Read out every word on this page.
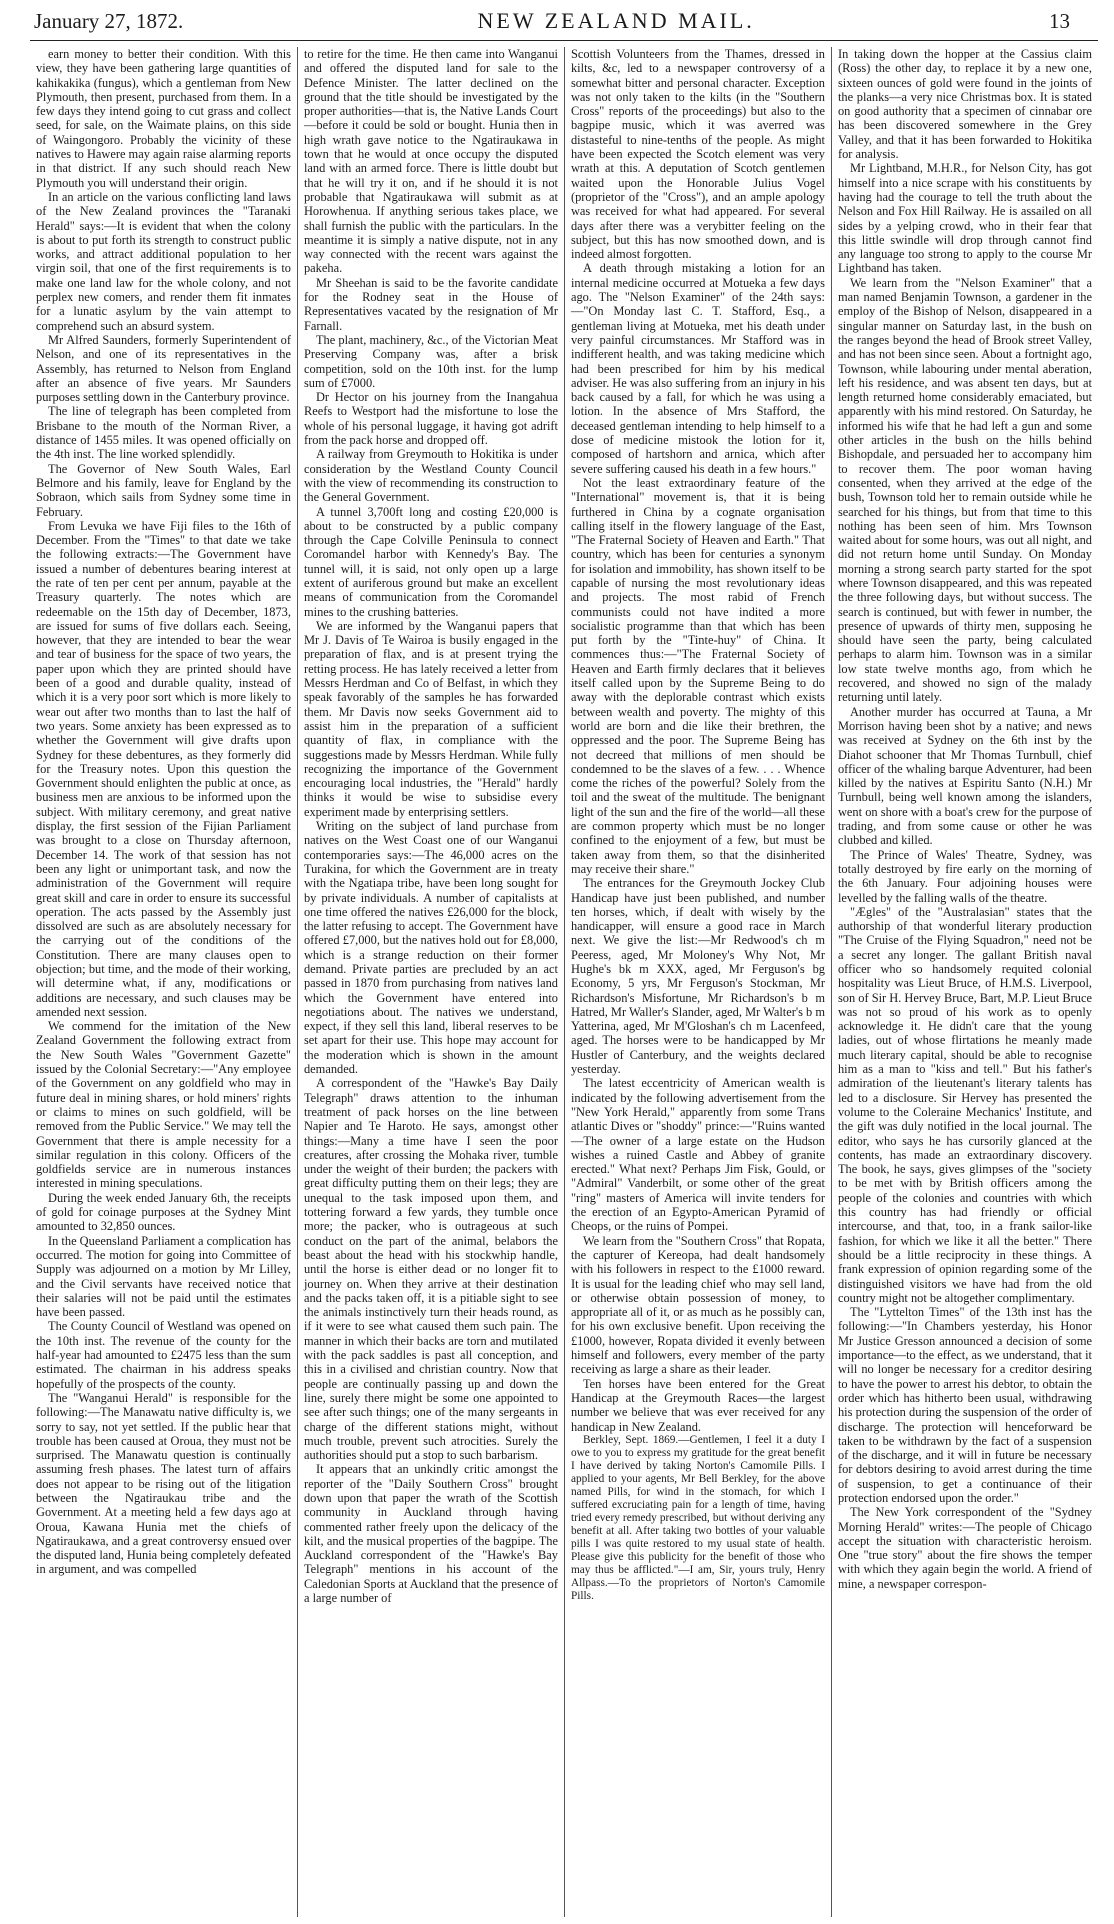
January 27, 1872.	NEW ZEALAND MAIL.	13

earn money to better their condition. With this view, they have been gathering large quantities of kahikakika (fungus), which a gentleman from New Plymouth, then present, purchased from them. In a few days they intend going to cut grass and collect seed, for sale, on the Waimate plains, on this side of Waingongoro. Probably the vicinity of these natives to Hawere may again raise alarming reports in that district. If any such should reach New Plymouth you will understand their origin.

In an article on the various conflicting land laws of the New Zealand provinces the "Taranaki Herald" says:—It is evident that when the colony is about to put forth its strength to construct public works, and attract additional population to her virgin soil, that one of the first requirements is to make one land law for the whole colony, and not perplex new comers, and render them fit inmates for a lunatic asylum by the vain attempt to comprehend such an absurd system.

Mr Alfred Saunders, formerly Superintendent of Nelson, and one of its representatives in the Assembly, has returned to Nelson from England after an absence of five years. Mr Saunders purposes settling down in the Canterbury province.

The line of telegraph has been completed from Brisbane to the mouth of the Norman River, a distance of 1455 miles. It was opened officially on the 4th inst. The line worked splendidly.

The Governor of New South Wales, Earl Belmore and his family, leave for England by the Sobraon, which sails from Sydney some time in February.

From Levuka we have Fiji files to the 16th of December. From the "Times" to that date we take the following extracts:—The Government have issued a number of debentures bearing interest at the rate of ten per cent per annum, payable at the Treasury quarterly. The notes which are redeemable on the 15th day of December, 1873, are issued for sums of five dollars each. Seeing, however, that they are intended to bear the wear and tear of business for the space of two years, the paper upon which they are printed should have been of a good and durable quality, instead of which it is a very poor sort which is more likely to wear out after two months than to last the half of two years. Some anxiety has been expressed as to whether the Government will give drafts upon Sydney for these debentures, as they formerly did for the Treasury notes. Upon this question the Government should enlighten the public at once, as business men are anxious to be informed upon the subject. With military ceremony, and great native display, the first session of the Fijian Parliament was brought to a close on Thursday afternoon, December 14. The work of that session has not been any light or unimportant task, and now the administration of the Government will require great skill and care in order to ensure its successful operation. The acts passed by the Assembly just dissolved are such as are absolutely necessary for the carrying out of the conditions of the Constitution. There are many clauses open to objection; but time, and the mode of their working, will determine what, if any, modifications or additions are necessary, and such clauses may be amended next session.

We commend for the imitation of the New Zealand Government the following extract from the New South Wales "Government Gazette" issued by the Colonial Secretary:—"Any employee of the Government on any goldfield who may in future deal in mining shares, or hold miners' rights or claims to mines on such goldfield, will be removed from the Public Service." We may tell the Government that there is ample necessity for a similar regulation in this colony. Officers of the goldfields service are in numerous instances interested in mining speculations.

During the week ended January 6th, the receipts of gold for coinage purposes at the Sydney Mint amounted to 32,850 ounces.

In the Queensland Parliament a complication has occurred. The motion for going into Committee of Supply was adjourned on a motion by Mr Lilley, and the Civil servants have received notice that their salaries will not be paid until the estimates have been passed.

The County Council of Westland was opened on the 10th inst. The revenue of the county for the half-year had amounted to £2475 less than the sum estimated. The chairman in his address speaks hopefully of the prospects of the county.

The "Wanganui Herald" is responsible for the following:—The Manawatu native difficulty is, we sorry to say, not yet settled. If the public hear that trouble has been caused at Oroua, they must not be surprised. The Manawatu question is continually assuming fresh phases. The latest turn of affairs does not appear to be rising out of the litigation between the Ngatiraukau tribe and the Government. At a meeting held a few days ago at Oroua, Kawana Hunia met the chiefs of Ngatiraukawa, and a great controversy ensued over the disputed land, Hunia being completely defeated in argument, and was compelled

to retire for the time. He then came into Wanganui and offered the disputed land for sale to the Defence Minister. The latter declined on the ground that the title should be investigated by the proper authorities—that is, the Native Lands Court—before it could be sold or bought. Hunia then in high wrath gave notice to the Ngatiraukawa in town that he would at once occupy the disputed land with an armed force. There is little doubt but that he will try it on, and if he should it is not probable that Ngatiraukawa will submit as at Horowhenua. If anything serious takes place, we shall furnish the public with the particulars. In the meantime it is simply a native dispute, not in any way connected with the recent wars against the pakeha.

Mr Sheehan is said to be the favorite candidate for the Rodney seat in the House of Representatives vacated by the resignation of Mr Farnall.

The plant, machinery, &c., of the Victorian Meat Preserving Company was, after a brisk competition, sold on the 10th inst. for the lump sum of £7000.

Dr Hector on his journey from the Inangahua Reefs to Westport had the misfortune to lose the whole of his personal luggage, it having got adrift from the pack horse and dropped off.

A railway from Greymouth to Hokitika is under consideration by the Westland County Council with the view of recommending its construction to the General Government.

A tunnel 3,700ft long and costing £20,000 is about to be constructed by a public company through the Cape Colville Peninsula to connect Coromandel harbor with Kennedy's Bay. The tunnel will, it is said, not only open up a large extent of auriferous ground but make an excellent means of communication from the Coromandel mines to the crushing batteries.

We are informed by the Wanganui papers that Mr J. Davis of Te Wairoa is busily engaged in the preparation of flax, and is at present trying the retting process. He has lately received a letter from Messrs Herdman and Co of Belfast, in which they speak favorably of the samples he has forwarded them. Mr Davis now seeks Government aid to assist him in the preparation of a sufficient quantity of flax, in compliance with the suggestions made by Messrs Herdman. While fully recognizing the importance of the Government encouraging local industries, the "Herald" hardly thinks it would be wise to subsidise every experiment made by enterprising settlers.

Writing on the subject of land purchase from natives on the West Coast one of our Wanganui contemporaries says:—The 46,000 acres on the Turakina, for which the Government are in treaty with the Ngatiapa tribe, have been long sought for by private individuals. A number of capitalists at one time offered the natives £26,000 for the block, the latter refusing to accept. The Government have offered £7,000, but the natives hold out for £8,000, which is a strange reduction on their former demand. Private parties are precluded by an act passed in 1870 from purchasing from natives land which the Government have entered into negotiations about. The natives we understand, expect, if they sell this land, liberal reserves to be set apart for their use. This hope may account for the moderation which is shown in the amount demanded.

A correspondent of the "Hawke's Bay Daily Telegraph" draws attention to the inhuman treatment of pack horses on the line between Napier and Te Haroto. He says, amongst other things:—Many a time have I seen the poor creatures, after crossing the Mohaka river, tumble under the weight of their burden; the packers with great difficulty putting them on their legs; they are unequal to the task imposed upon them, and tottering forward a few yards, they tumble once more; the packer, who is outrageous at such conduct on the part of the animal, belabors the beast about the head with his stockwhip handle, until the horse is either dead or no longer fit to journey on. When they arrive at their destination and the packs taken off, it is a pitiable sight to see the animals instinctively turn their heads round, as if it were to see what caused them such pain. The manner in which their backs are torn and mutilated with the pack saddles is past all conception, and this in a civilised and christian country. Now that people are continually passing up and down the line, surely there might be some one appointed to see after such things; one of the many sergeants in charge of the different stations might, without much trouble, prevent such atrocities. Surely the authorities should put a stop to such barbarism.

It appears that an unkindly critic amongst the reporter of the "Daily Southern Cross" brought down upon that paper the wrath of the Scottish community in Auckland through having commented rather freely upon the delicacy of the kilt, and the musical properties of the bagpipe. The Auckland correspondent of the "Hawke's Bay Telegraph" mentions in his account of the Caledonian Sports at Auckland that the presence of a large number of

Scottish Volunteers from the Thames, dressed in kilts, &c, led to a newspaper controversy of a somewhat bitter and personal character. Exception was not only taken to the kilts (in the "Southern Cross" reports of the proceedings) but also to the bagpipe music, which it was averred was distasteful to nine-tenths of the people. As might have been expected the Scotch element was very wrath at this. A deputation of Scotch gentlemen waited upon the Honorable Julius Vogel (proprietor of the "Cross"), and an ample apology was received for what had appeared. For several days after there was a verybitter feeling on the subject, but this has now smoothed down, and is indeed almost forgotten.

A death through mistaking a lotion for an internal medicine occurred at Motueka a few days ago. The "Nelson Examiner" of the 24th says:—"On Monday last C. T. Stafford, Esq., a gentleman living at Motueka, met his death under very painful circumstances. Mr Stafford was in indifferent health, and was taking medicine which had been prescribed for him by his medical adviser. He was also suffering from an injury in his back caused by a fall, for which he was using a lotion. In the absence of Mrs Stafford, the deceased gentleman intending to help himself to a dose of medicine mistook the lotion for it, composed of hartshorn and arnica, which after severe suffering caused his death in a few hours."

Not the least extraordinary feature of the "International" movement is, that it is being furthered in China by a cognate organisation calling itself in the flowery language of the East, "The Fraternal Society of Heaven and Earth." That country, which has been for centuries a synonym for isolation and immobility, has shown itself to be capable of nursing the most revolutionary ideas and projects. The most rabid of French communists could not have indited a more socialistic programme than that which has been put forth by the "Tinte-huy" of China. It commences thus:—"The Fraternal Society of Heaven and Earth firmly declares that it believes itself called upon by the Supreme Being to do away with the deplorable contrast which exists between wealth and poverty. The mighty of this world are born and die like their brethren, the oppressed and the poor. The Supreme Being has not decreed that millions of men should be condemned to be the slaves of a few. . . . Whence come the riches of the powerful? Solely from the toil and the sweat of the multitude. The benignant light of the sun and the fire of the world—all these are common property which must be no longer confined to the enjoyment of a few, but must be taken away from them, so that the disinherited may receive their share."

The entrances for the Greymouth Jockey Club Handicap have just been published, and number ten horses, which, if dealt with wisely by the handicapper, will ensure a good race in March next. We give the list:—Mr Redwood's ch m Peeress, aged, Mr Moloney's Why Not, Mr Hughe's bk m XXX, aged, Mr Ferguson's bg Economy, 5 yrs, Mr Ferguson's Stockman, Mr Richardson's Misfortune, Mr Richardson's b m Hatred, Mr Waller's Slander, aged, Mr Walter's b m Yatterina, aged, Mr M'Gloshan's ch m Lacenfeed, aged. The horses were to be handicapped by Mr Hustler of Canterbury, and the weights declared yesterday.

The latest eccentricity of American wealth is indicated by the following advertisement from the "New York Herald," apparently from some Trans atlantic Dives or "shoddy" prince:—"Ruins wanted—The owner of a large estate on the Hudson wishes a ruined Castle and Abbey of granite erected." What next? Perhaps Jim Fisk, Gould, or "Admiral" Vanderbilt, or some other of the great "ring" masters of America will invite tenders for the erection of an Egypto-American Pyramid of Cheops, or the ruins of Pompei.

We learn from the "Southern Cross" that Ropata, the capturer of Kereopa, had dealt handsomely with his followers in respect to the £1000 reward. It is usual for the leading chief who may sell land, or otherwise obtain possession of money, to appropriate all of it, or as much as he possibly can, for his own exclusive benefit. Upon receiving the £1000, however, Ropata divided it evenly between himself and followers, every member of the party receiving as large a share as their leader.

Ten horses have been entered for the Great Handicap at the Greymouth Races—the largest number we believe that was ever received for any handicap in New Zealand.

Berkley, Sept. 1869.—Gentlemen, I feel it a duty I owe to you to express my gratitude for the great benefit I have derived by taking Norton's Camomile Pills. I applied to your agents, Mr Bell Berkley, for the above named Pills, for wind in the stomach, for which I suffered excruciating pain for a length of time, having tried every remedy prescribed, but without deriving any benefit at all. After taking two bottles of your valuable pills I was quite restored to my usual state of health. Please give this publicity for the benefit of those who may thus be afflicted."—I am, Sir, yours truly, Henry Allpass.—To the proprietors of Norton's Camomile Pills.

In taking down the hopper at the Cassius claim (Ross) the other day, to replace it by a new one, sixteen ounces of gold were found in the joints of the planks—a very nice Christmas box. It is stated on good authority that a specimen of cinnabar ore has been discovered somewhere in the Grey Valley, and that it has been forwarded to Hokitika for analysis.

Mr Lightband, M.H.R., for Nelson City, has got himself into a nice scrape with his constituents by having had the courage to tell the truth about the Nelson and Fox Hill Railway. He is assailed on all sides by a yelping crowd, who in their fear that this little swindle will drop through cannot find any language too strong to apply to the course Mr Lightband has taken.

We learn from the "Nelson Examiner" that a man named Benjamin Townson, a gardener in the employ of the Bishop of Nelson, disappeared in a singular manner on Saturday last, in the bush on the ranges beyond the head of Brook street Valley, and has not been since seen. About a fortnight ago, Townson, while labouring under mental aberation, left his residence, and was absent ten days, but at length returned home considerably emaciated, but apparently with his mind restored. On Saturday, he informed his wife that he had left a gun and some other articles in the bush on the hills behind Bishopdale, and persuaded her to accompany him to recover them. The poor woman having consented, when they arrived at the edge of the bush, Townson told her to remain outside while he searched for his things, but from that time to this nothing has been seen of him. Mrs Townson waited about for some hours, was out all night, and did not return home until Sunday. On Monday morning a strong search party started for the spot where Townson disappeared, and this was repeated the three following days, but without success. The search is continued, but with fewer in number, the presence of upwards of thirty men, supposing he should have seen the party, being calculated perhaps to alarm him. Townson was in a similar low state twelve months ago, from which he recovered, and showed no sign of the malady returning until lately.

Another murder has occurred at Tauna, a Mr Morrison having been shot by a native; and news was received at Sydney on the 6th inst by the Diahot schooner that Mr Thomas Turnbull, chief officer of the whaling barque Adventurer, had been killed by the natives at Espiritu Santo (N.H.) Mr Turnbull, being well known among the islanders, went on shore with a boat's crew for the purpose of trading, and from some cause or other he was clubbed and killed.

The Prince of Wales' Theatre, Sydney, was totally destroyed by fire early on the morning of the 6th January. Four adjoining houses were levelled by the falling walls of the theatre.

"Ægles" of the "Australasian" states that the authorship of that wonderful literary production "The Cruise of the Flying Squadron," need not be a secret any longer. The gallant British naval officer who so handsomely requited colonial hospitality was Lieut Bruce, of H.M.S. Liverpool, son of Sir H. Hervey Bruce, Bart, M.P. Lieut Bruce was not so proud of his work as to openly acknowledge it. He didn't care that the young ladies, out of whose flirtations he meanly made much literary capital, should be able to recognise him as a man to "kiss and tell." But his father's admiration of the lieutenant's literary talents has led to a disclosure. Sir Hervey has presented the volume to the Coleraine Mechanics' Institute, and the gift was duly notified in the local journal. The editor, who says he has cursorily glanced at the contents, has made an extraordinary discovery. The book, he says, gives glimpses of the "society to be met with by British officers among the people of the colonies and countries with which this country has had friendly or official intercourse, and that, too, in a frank sailor-like fashion, for which we like it all the better." There should be a little reciprocity in these things. A frank expression of opinion regarding some of the distinguished visitors we have had from the old country might not be altogether complimentary.

The "Lyttelton Times" of the 13th inst has the following:—"In Chambers yesterday, his Honor Mr Justice Gresson announced a decision of some importance—to the effect, as we understand, that it will no longer be necessary for a creditor desiring to have the power to arrest his debtor, to obtain the order which has hitherto been usual, withdrawing his protection during the suspension of the order of discharge. The protection will henceforward be taken to be withdrawn by the fact of a suspension of the discharge, and it will in future be necessary for debtors desiring to avoid arrest during the time of suspension, to get a continuance of their protection endorsed upon the order."

The New York correspondent of the "Sydney Morning Herald" writes:—The people of Chicago accept the situation with characteristic heroism. One "true story" about the fire shows the temper with which they again begin the world. A friend of mine, a newspaper correspon-
